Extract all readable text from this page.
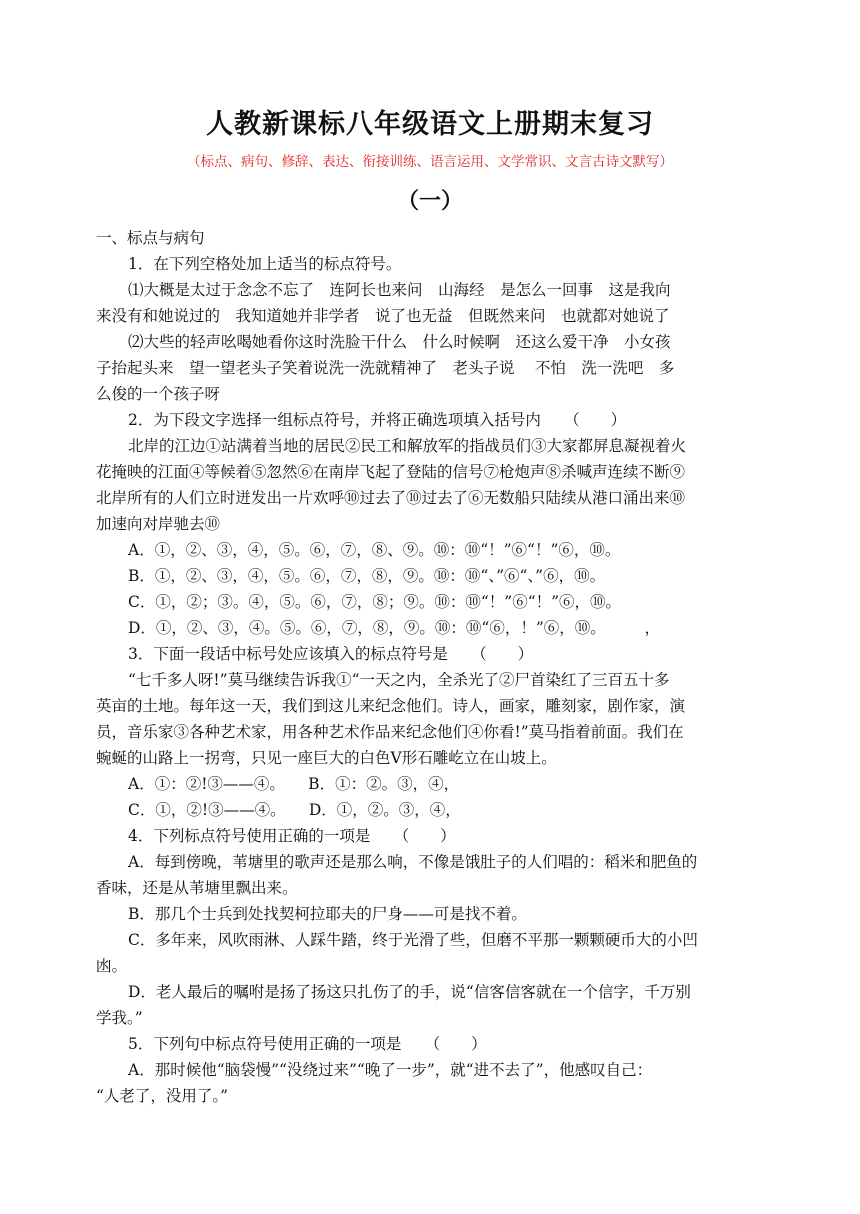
人教新课标八年级语文上册期末复习
（标点、病句、修辞、表达、衔接训练、语言运用、文学常识、文言古诗文默写）
（一）
一、标点与病句
1．在下列空格处加上适当的标点符号。
⑴大概是太过于念念不忘了　连阿长也来问　山海经　是怎么一回事　这是我向
来没有和她说过的　我知道她并非学者　说了也无益　但既然来问　也就都对她说了
⑵大些的轻声吆喝她看你这时洗脸干什么　什么时候啊　还这么爱干净　小女孩
子抬起头来　望一望老头子笑着说洗一洗就精神了　老头子说　 不怕　洗一洗吧　多
么俊的一个孩子呀
2．为下段文字选择一组标点符号，并将正确选项填入括号内　　（　　）
北岸的江边①站满着当地的居民②民工和解放军的指战员们③大家都屏息凝视着火
花掩映的江面④等候着⑤忽然⑥在南岸飞起了登陆的信号⑦枪炮声⑧杀喊声连续不断⑨
北岸所有的人们立时迸发出一片欢呼⑩过去了⑩过去了⑥无数船只陆续从港口涌出来⑩
加速向对岸驰去⑩
A．①，②、③，④，⑤。⑥，⑦，⑧、⑨。⑩：⑩“！”⑥“！”⑥，⑩。
B．①，②、③，④，⑤。⑥，⑦，⑧，⑨。⑩：⑩“、”⑥“、”⑥，⑩。
C．①，②；③。④，⑤。⑥，⑦，⑧；⑨。⑩：⑩“！”⑥“！”⑥，⑩。
D．①，②、③，④。⑤。⑥，⑦，⑧，⑨。⑩：⑩“⑥，！”⑥，⑩。　　　，
3．下面一段话中标号处应该填入的标点符号是　　（　　）
“七千多人呀!”莫马继续告诉我①“一天之内，全杀光了②尸首染红了三百五十多
英亩的土地。每年这一天，我们到这儿来纪念他们。诗人，画家，雕刻家，剧作家，演
员，音乐家③各种艺术家，用各种艺术作品来纪念他们④你看!”莫马指着前面。我们在
蜿蜒的山路上一拐弯，只见一座巨大的白色Ⅴ形石雕屹立在山坡上。
A．①：②!③——④。　　B．①：②。③，④，
C．①，②!③——④。　　D．①，②。③，④，
4．下列标点符号使用正确的一项是　　（　　）
A．每到傍晚，苇塘里的歌声还是那么响，不像是饿肚子的人们唱的：稻米和肥鱼的
香味，还是从苇塘里飘出来。
B．那几个士兵到处找契柯拉耶夫的尸身——可是找不着。
C．多年来，风吹雨淋、人踩牛踏，终于光滑了些，但磨不平那一颗颗硬币大的小凹
凼。
D．老人最后的嘱咐是扬了扬这只扎伤了的手，说“信客信客就在一个信字，千万别
学我。”
5．下列句中标点符号使用正确的一项是　　（　　）
A．那时候他“脑袋慢”“没绕过来”“晚了一步”，就“进不去了”，他感叹自己：
“人老了，没用了。”
